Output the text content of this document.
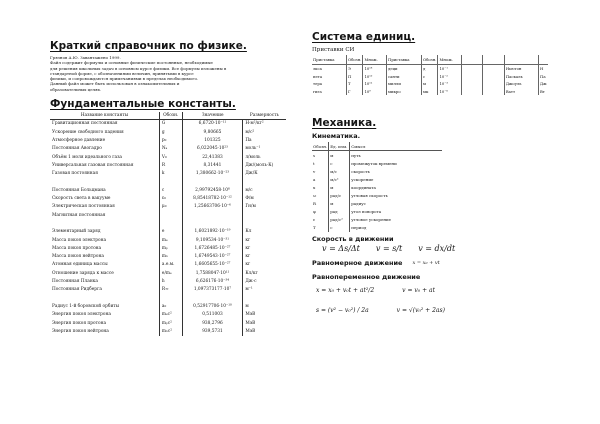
Краткий справочник по физике.

Грязнов А.Ю. Завантажено 1999.

Файл содержит формулы и основные физические постоянные, необходимые

для решения школьных задач в основном курсе физики. Все формулы изложены в

стандартной форме, с обозначениями величин, принятыми в курсе

физики, и сопровождаются примечаниями в пределах необходимого.

Данный файл может быть использован в ознакомительных и

образовательных целях.

Фундаментальные константы.
Название константы	Обозн.	Значение	Размерность
Гравитационная постоянная	G	6,6720·10⁻¹¹	Н·м²/кг²
Ускорение свободного падения	g	9,80665	м/с²
Атмосферное давление	p₀	101325	Па
Постоянная Авогадро	Nₐ	6,022045·10²³	моль⁻¹
Объём 1 моля идеального газа	V₀	22,41383	л/моль
Универсальная газовая постоянная	R	8,31441	Дж/(моль·К)
Газовая постоянная	k	1,380662·10⁻²³	Дж/К

Постоянная Больцмана	c	2,99792458·10⁸	м/с
Скорость света в вакууме	ε₀	8,85418782·10⁻¹²	Ф/м
Электрическая постоянная	μ₀	1,25663706·10⁻⁶	Гн/м
Магнитная постоянная			

Элементарный заряд	e	1,6021892·10⁻¹⁹	Кл
Масса покоя электрона	mₑ	9,109534·10⁻³¹	кг
Масса покоя протона	mₚ	1,6726485·10⁻²⁷	кг
Масса покоя нейтрона	mₙ	1,6749543·10⁻²⁷	кг
Атомная единица массы	а.е.м.	1,6605655·10⁻²⁷	кг
Отношение заряда к массе	e/mₑ	1,7588047·10¹¹	Кл/кг
Постоянная Планка	h	6,626176·10⁻³⁴	Дж·с
Постоянная Ридберга	R∞	1,097373177·10⁷	м⁻¹

Радиус 1-й боровской орбиты	a₀	0,52917706·10⁻¹⁰	м
Энергия покоя электрона	mₑc²	0,511003	МэВ
Энергия покоя протона	mₚc²	938,2796	МэВ
Энергия покоя нейтрона	mₙc²	939,5731	МэВ
Система единиц.
Приставки СИ
Приставка	Обозн.	Множ.	Приставка	Обозн.	Множ.				
экса	Э	10¹⁸	деци	д	10⁻¹			Ньютон	Н
пета	П	10¹⁵	санти	с	10⁻²			Паскаль	Па
тера	Т	10¹²	милли	м	10⁻³			Джоуль	Дж
гига	Г	10⁹	микро	мк	10⁻⁶			Ватт	Вт
Механика.
Кинематика.
Обозн.	Ед. изм.	Смысл
s	м	путь
t	с	промежуток времени
v	м/с	скорость
a	м/с²	ускорение
x	м	координата
ω	рад/с	угловая скорость
R	м	радиус
φ	рад	угол поворота
ε	рад/с²	угловое ускорение
T	с	период
Скорость в движении
v = Δs/Δt v = s/t v = dx/dt
Равномерное движение x = x₀ + vt
Равнопеременное движение
x = x₀ + v₀t + at²/2	v = v₀ + at
s = (v² − v₀²) / 2a	v = √(v₀² + 2as)
